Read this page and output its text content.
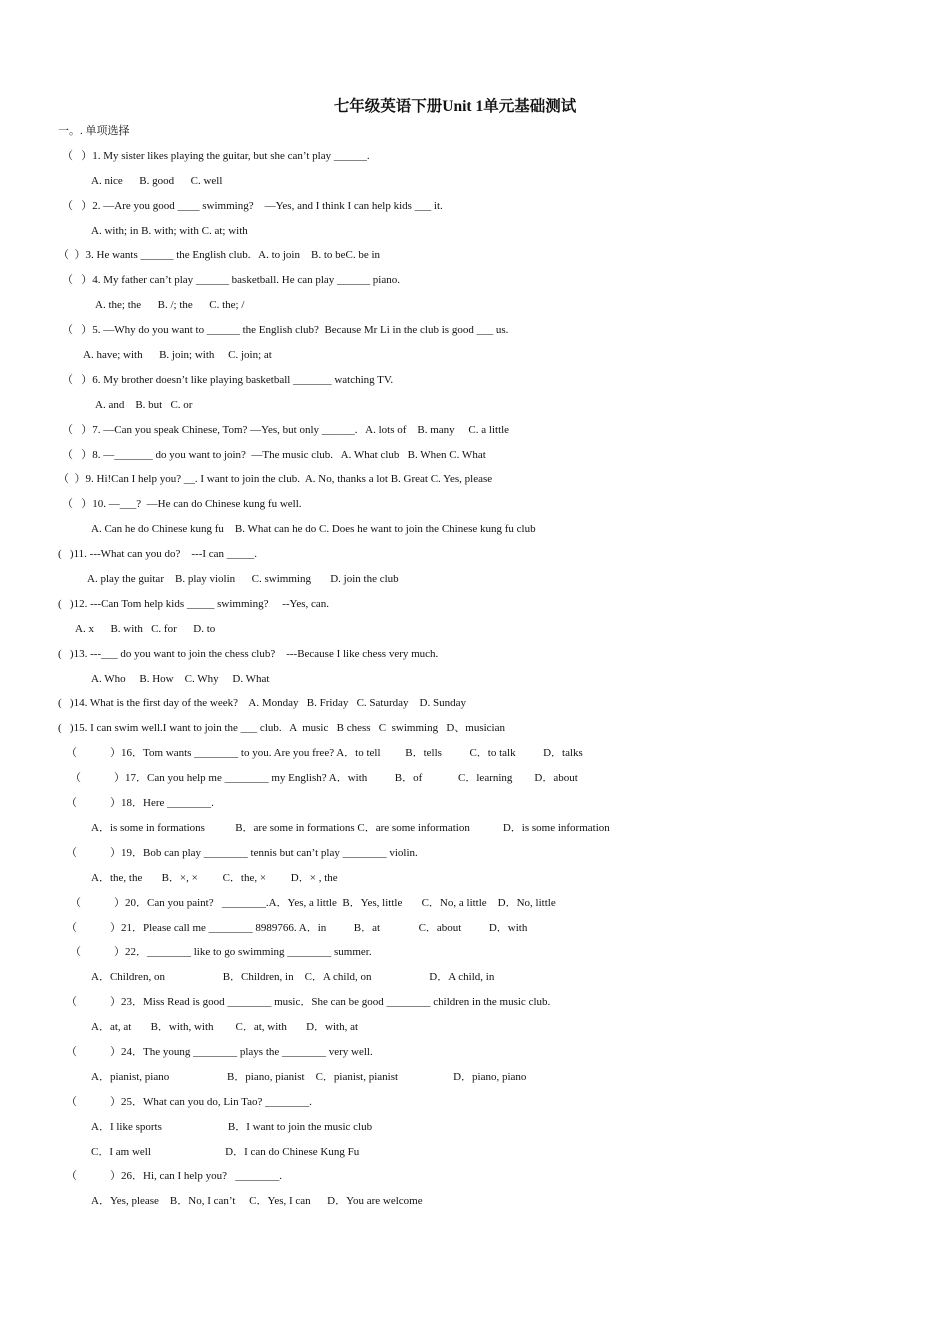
七年级英语下册Unit 1单元基础测试
一。. 单项选择
（   ）1. My sister likes playing the guitar, but she can’t play ______.
A. nice      B. good      C. well
（   ）2. —Are you good ____ swimming?    —Yes, and I think I can help kids ___ it.
A. with; in B. with; with C. at; with
（  ）3. He wants ______ the English club.   A. to join    B. to beC. be in
（   ）4. My father can’t play ______ basketball. He can play ______ piano.
A. the; the      B. /; the      C. the; /
（   ）5. —Why do you want to ______ the English club?  Because Mr Li in the club is good ___ us.
A. have; with      B. join; with     C. join; at
（   ）6. My brother doesn’t like playing basketball _______ watching TV.
A. and    B. but   C. or
（   ）7. —Can you speak Chinese, Tom? —Yes, but only ______.   A. lots of    B. many     C. a little
（   ）8. —_______ do you want to join?  —The music club.   A. What club   B. When C. What
（  ）9. Hi!Can I help you? __. I want to join the club.  A. No, thanks a lot B. Great C. Yes, please
（   ）10. —___?  —He can do Chinese kung fu well.
A. Can he do Chinese kung fu    B. What can he do C. Does he want to join the Chinese kung fu club
(   )11. ---What can you do?    ---I can _____.
A. play the guitar    B. play violin      C. swimming       D. join the club
(   )12. ---Can Tom help kids _____ swimming?     --Yes, can.
A. x      B. with   C. for      D. to
(   )13. ---___ do you want to join the chess club?    ---Because I like chess very much.
A. Who     B. How    C. Why     D. What
(   )14. What is the first day of the week?    A. Monday   B. Friday   C. Saturday    D. Sunday
(   )15. I can swim well.I want to join the ___ club.   A  music   B chess   C  swimming   D、musician
（            ）16．Tom wants ________ to you. Are you free? A．to tell         B．tells          C．to talk          D．talks
（            ）17．Can you help me ________ my English? A．with          B．of             C．learning        D．about
（            ）18．Here ________.
A．is some in formations           B．are some in formations C．are some information            D．is some information
（            ）19．Bob can play ________ tennis but can’t play ________ violin.
A．the, the       B．×, ×         C．the, ×         D．× , the
（            ）20．Can you paint?   ________.A．Yes, a little  B．Yes, little       C．No, a little    D．No, little
（            ）21．Please call me ________ 8989766. A．in          B．at              C．about          D．with
（            ）22．________ like to go swimming ________ summer.
A．Children, on                     B．Children, in    C．A child, on                     D．A child, in
（            ）23．Miss Read is good ________ music．She can be good ________ children in the music club.
A．at, at       B．with, with        C．at, with       D．with, at
（            ）24．The young ________ plays the ________ very well.
A．pianist, piano                     B．piano, pianist    C．pianist, pianist                    D．piano, piano
（            ）25．What can you do, Lin Tao? ________.
A．I like sports                        B．I want to join the music club
C．I am well                           D．I can do Chinese Kung Fu
（            ）26．Hi, can I help you?   ________.
A．Yes, please    B．No, I can’t     C．Yes, I can      D．You are welcome
